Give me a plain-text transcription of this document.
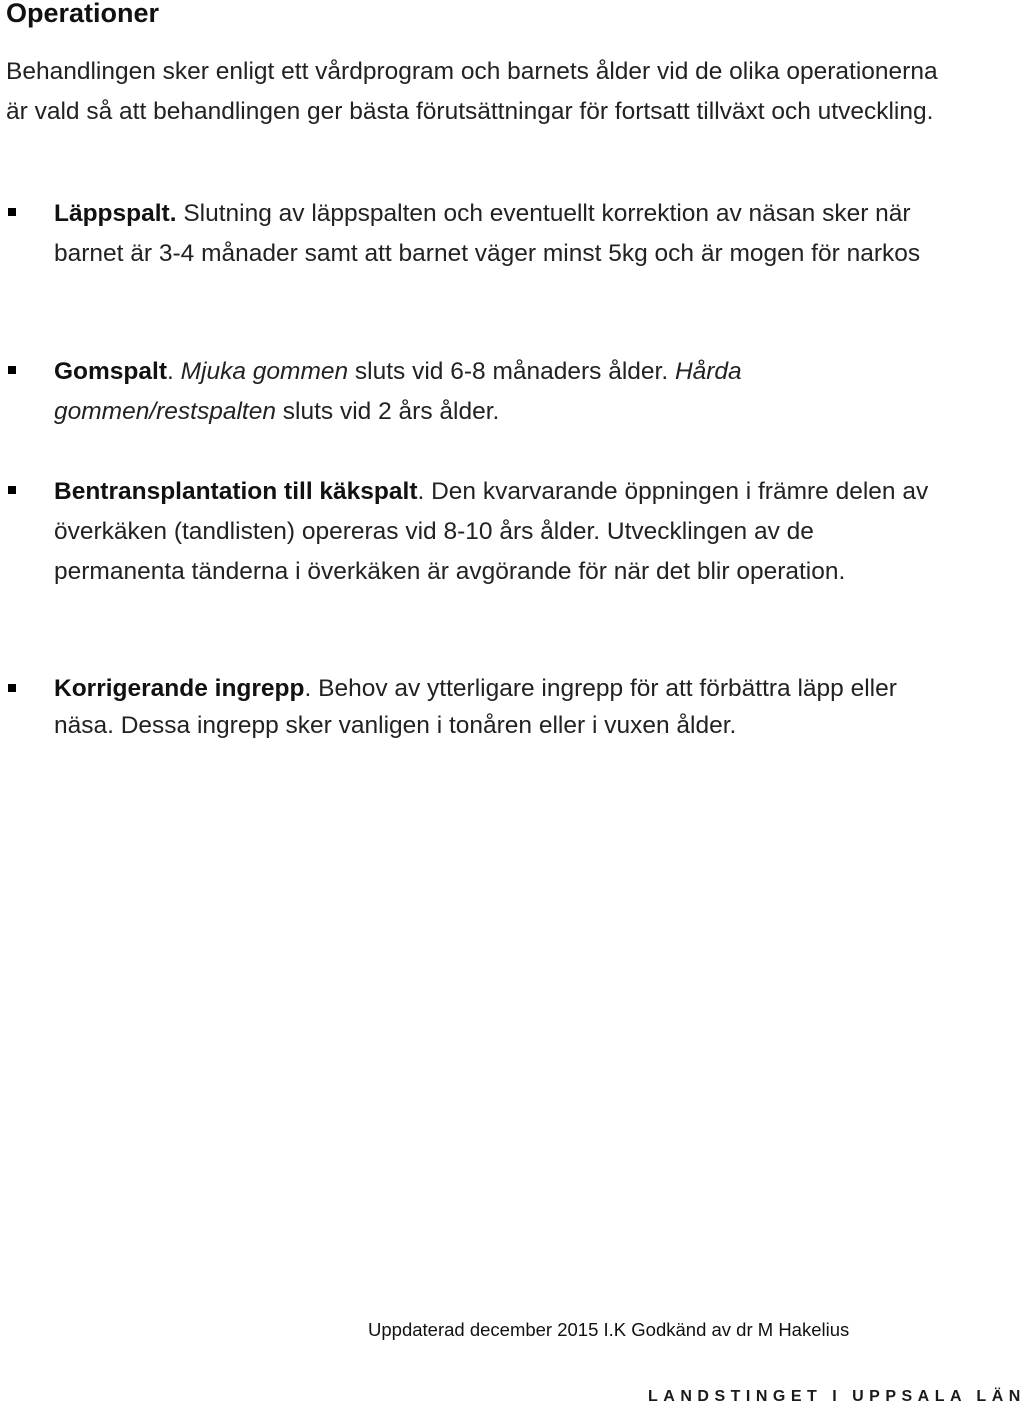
Operationer

Behandlingen sker enligt ett vårdprogram och barnets ålder vid de olika operationerna är vald så att behandlingen ger bästa förutsättningar för fortsatt tillväxt och utveckling.

Läppspalt. Slutning av läppspalten och eventuellt korrektion av näsan sker när barnet är 3-4 månader samt att barnet väger minst 5kg och är mogen för narkos

Gomspalt. Mjuka gommen sluts vid 6-8 månaders ålder. Hårda gommen/restspalten sluts vid 2 års ålder.

Bentransplantation till käkspalt. Den kvarvarande öppningen i främre delen av överkäken (tandlisten) opereras vid 8-10 års ålder. Utvecklingen av de permanenta tänderna i överkäken är avgörande för när det blir operation.

Korrigerande ingrepp. Behov av ytterligare ingrepp för att förbättra läpp eller näsa. Dessa ingrepp sker vanligen i tonåren eller i vuxen ålder.

Uppdaterad december 2015 I.K Godkänd av dr M Hakelius

LANDSTINGET I UPPSALA LÄN
